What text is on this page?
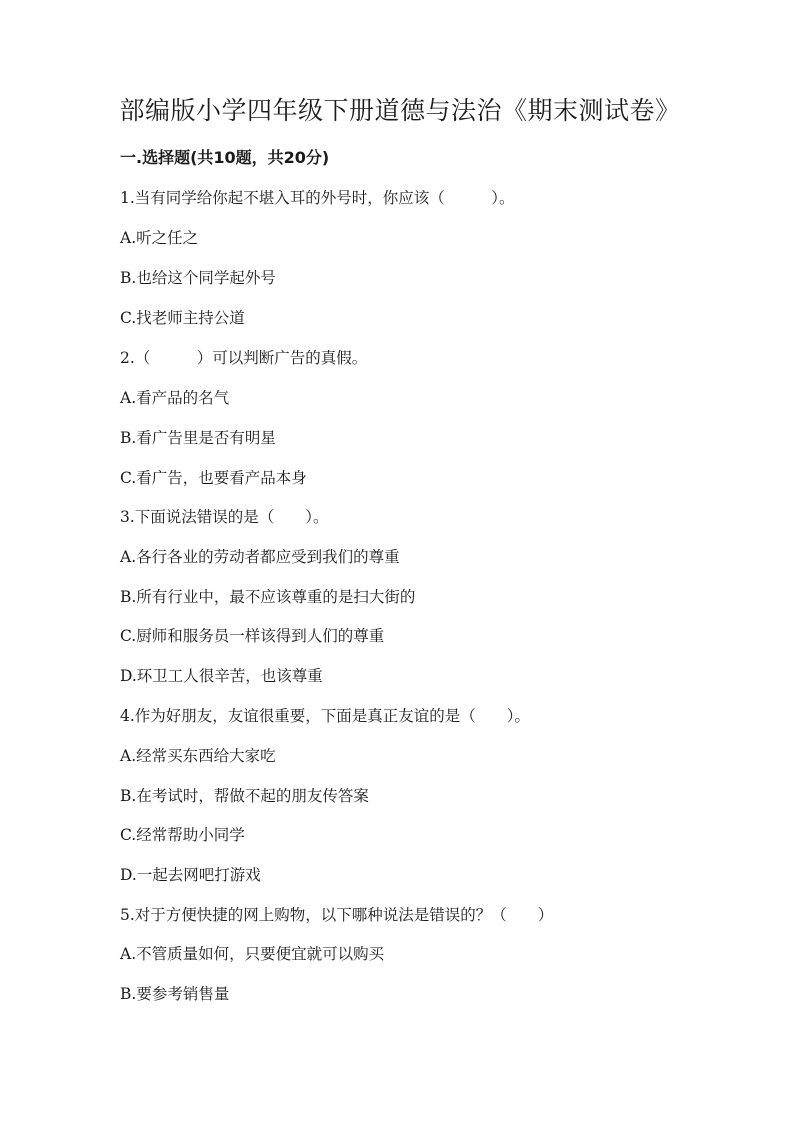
部编版小学四年级下册道德与法治《期末测试卷》
一.选择题(共10题，共20分)
1.当有同学给你起不堪入耳的外号时，你应该（　　　）。
A.听之任之
B.也给这个同学起外号
C.找老师主持公道
2.（　　　）可以判断广告的真假。
A.看产品的名气
B.看广告里是否有明星
C.看广告，也要看产品本身
3.下面说法错误的是（　　）。
A.各行各业的劳动者都应受到我们的尊重
B.所有行业中，最不应该尊重的是扫大街的
C.厨师和服务员一样该得到人们的尊重
D.环卫工人很辛苦，也该尊重
4.作为好朋友，友谊很重要，下面是真正友谊的是（　　）。
A.经常买东西给大家吃
B.在考试时，帮做不起的朋友传答案
C.经常帮助小同学
D.一起去网吧打游戏
5.对于方便快捷的网上购物，以下哪种说法是错误的？（　　）
A.不管质量如何，只要便宜就可以购买
B.要参考销售量
